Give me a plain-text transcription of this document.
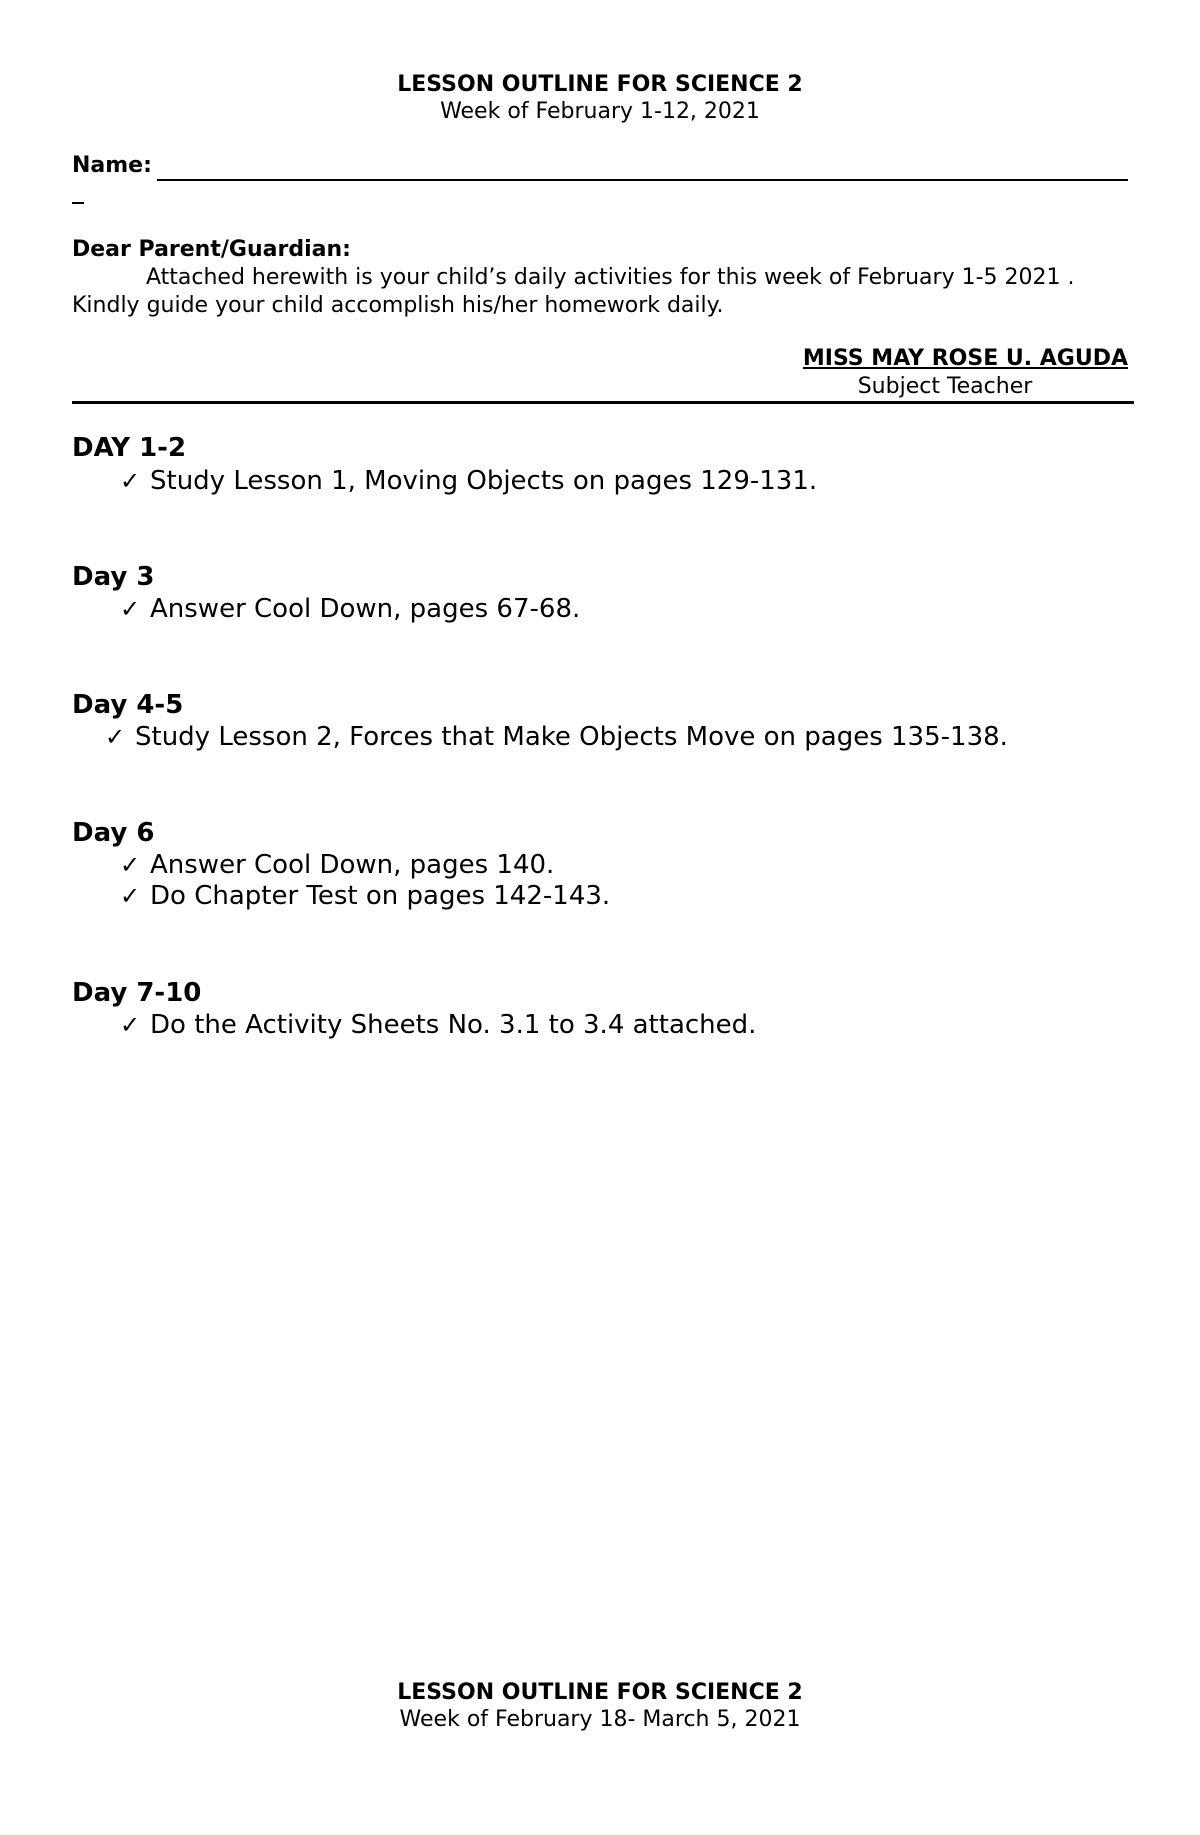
LESSON OUTLINE FOR SCIENCE 2
Week of February 1-12, 2021
Name:
Dear Parent/Guardian:
Attached herewith is your child’s daily activities for this week of February 1-5 2021 . Kindly guide your child accomplish his/her homework daily.
MISS MAY ROSE U. AGUDA
Subject Teacher
DAY 1-2
✓ Study Lesson 1, Moving Objects on pages 129-131.
Day 3
✓ Answer Cool Down, pages 67-68.
Day 4-5
✓ Study Lesson 2, Forces that Make Objects Move on pages 135-138.
Day 6
✓ Answer Cool Down, pages 140.
✓ Do Chapter Test on pages 142-143.
Day 7-10
✓ Do the Activity Sheets No. 3.1 to 3.4 attached.
LESSON OUTLINE FOR SCIENCE 2
Week of February 18- March 5, 2021
